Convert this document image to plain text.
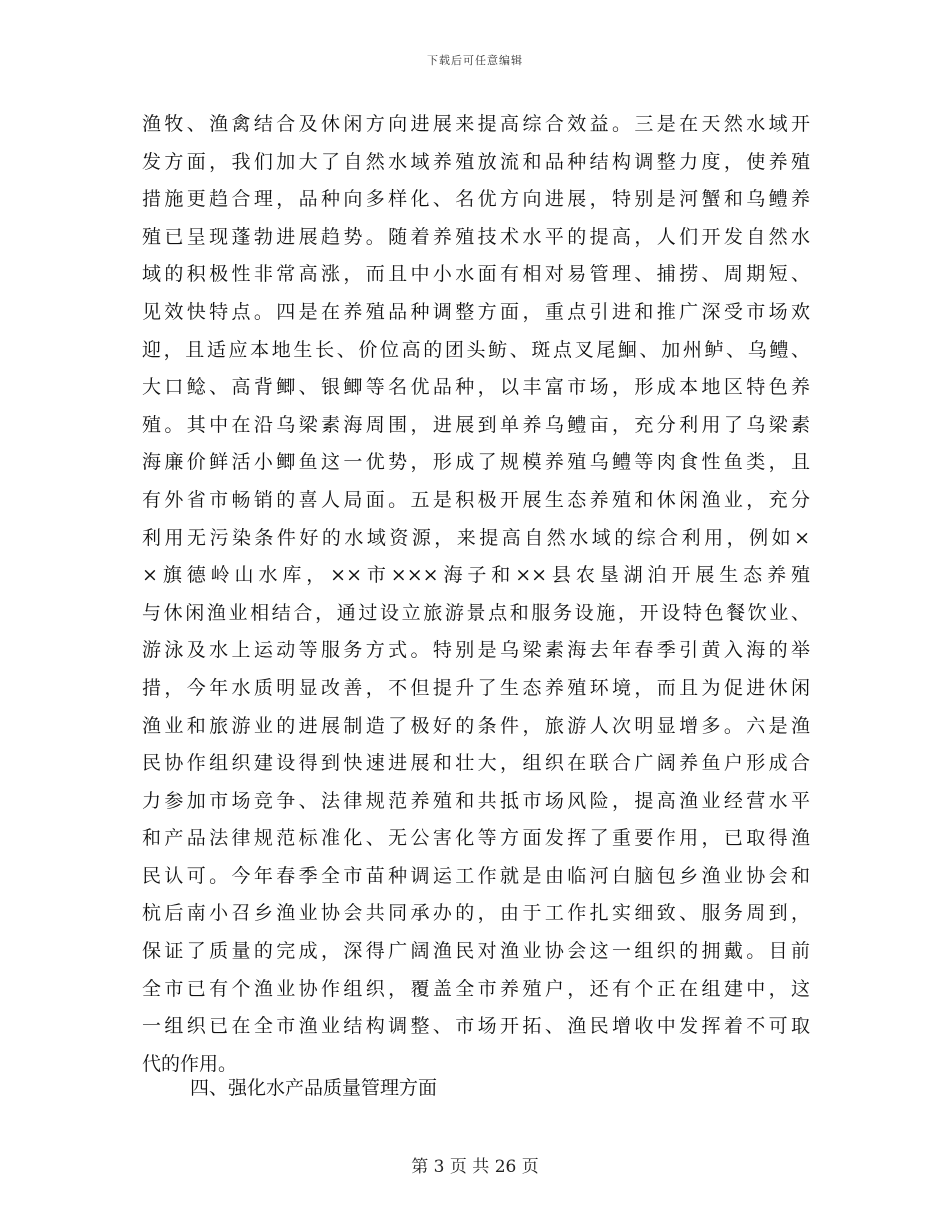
下载后可任意编辑
渔牧、渔禽结合及休闲方向进展来提高综合效益。三是在天然水域开
发方面，我们加大了自然水域养殖放流和品种结构调整力度，使养殖
措施更趋合理，品种向多样化、名优方向进展，特别是河蟹和乌鳢养
殖已呈现蓬勃进展趋势。随着养殖技术水平的提高，人们开发自然水
域的积极性非常高涨，而且中小水面有相对易管理、捕捞、周期短、
见效快特点。四是在养殖品种调整方面，重点引进和推广深受市场欢
迎，且适应本地生长、价位高的团头鲂、斑点叉尾鮰、加州鲈、乌鳢、
大口鲶、高背鲫、银鲫等名优品种，以丰富市场，形成本地区特色养
殖。其中在沿乌梁素海周围，进展到单养乌鳢亩，充分利用了乌梁素
海廉价鲜活小鲫鱼这一优势，形成了规模养殖乌鳢等肉食性鱼类，且
有外省市畅销的喜人局面。五是积极开展生态养殖和休闲渔业，充分
利用无污染条件好的水域资源，来提高自然水域的综合利用，例如×
×旗德岭山水库，××市×××海子和××县农垦湖泊开展生态养殖
与休闲渔业相结合，通过设立旅游景点和服务设施，开设特色餐饮业、
游泳及水上运动等服务方式。特别是乌梁素海去年春季引黄入海的举
措，今年水质明显改善，不但提升了生态养殖环境，而且为促进休闲
渔业和旅游业的进展制造了极好的条件，旅游人次明显增多。六是渔
民协作组织建设得到快速进展和壮大，组织在联合广阔养鱼户形成合
力参加市场竞争、法律规范养殖和共抵市场风险，提高渔业经营水平
和产品法律规范标准化、无公害化等方面发挥了重要作用，已取得渔
民认可。今年春季全市苗种调运工作就是由临河白脑包乡渔业协会和
杭后南小召乡渔业协会共同承办的，由于工作扎实细致、服务周到，
保证了质量的完成，深得广阔渔民对渔业协会这一组织的拥戴。目前
全市已有个渔业协作组织，覆盖全市养殖户，还有个正在组建中，这
一组织已在全市渔业结构调整、市场开拓、渔民增收中发挥着不可取
代的作用。
四、强化水产品质量管理方面
第 3 页 共 26 页
